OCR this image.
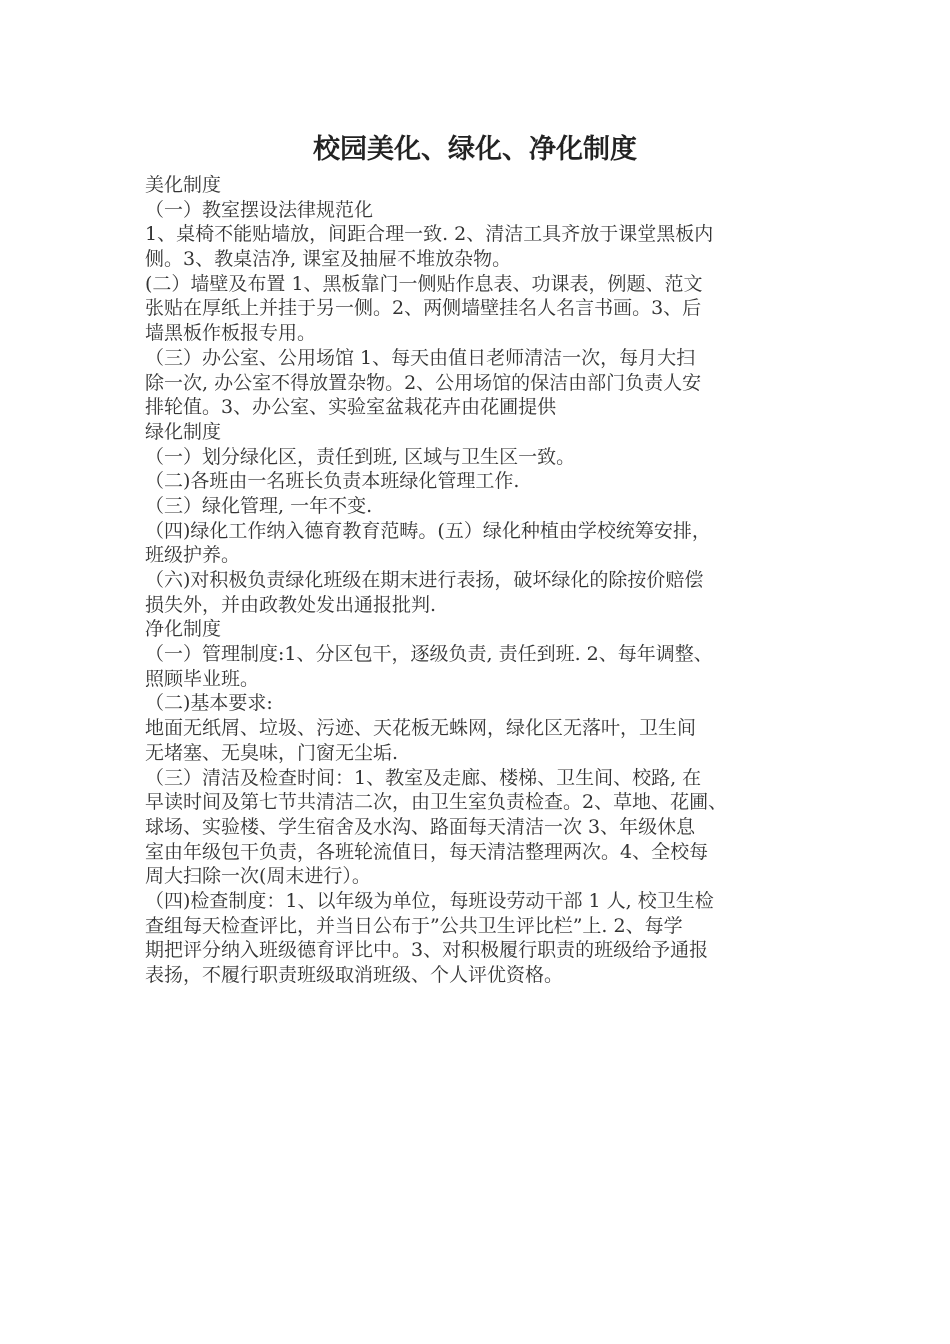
校园美化、绿化、净化制度
美化制度
（一）教室摆设法律规范化
1、桌椅不能贴墙放，间距合理一致. 2、清洁工具齐放于课堂黑板内
侧。3、教桌洁净, 课室及抽屉不堆放杂物。
(二）墙壁及布置 1、黑板靠门一侧贴作息表、功课表，例题、范文
张贴在厚纸上并挂于另一侧。2、两侧墙壁挂名人名言书画。3、后
墙黑板作板报专用。
（三）办公室、公用场馆 1、每天由值日老师清洁一次，每月大扫
除一次, 办公室不得放置杂物。2、公用场馆的保洁由部门负责人安
排轮值。3、办公室、实验室盆栽花卉由花圃提供
绿化制度
（一）划分绿化区，责任到班, 区域与卫生区一致。
（二)各班由一名班长负责本班绿化管理工作.
（三）绿化管理, 一年不变.
（四)绿化工作纳入德育教育范畴。(五）绿化种植由学校统筹安排，
班级护养。
（六)对积极负责绿化班级在期末进行表扬，破坏绿化的除按价赔偿
损失外，并由政教处发出通报批判.
净化制度
（一）管理制度:1、分区包干，逐级负责, 责任到班. 2、每年调整、
照顾毕业班。
（二)基本要求:
地面无纸屑、垃圾、污迹、天花板无蛛网，绿化区无落叶，卫生间
无堵塞、无臭味，门窗无尘垢.
（三）清洁及检查时间：1、教室及走廊、楼梯、卫生间、校路, 在
早读时间及第七节共清洁二次，由卫生室负责检查。2、草地、花圃、
球场、实验楼、学生宿舍及水沟、路面每天清洁一次 3、年级休息
室由年级包干负责，各班轮流值日，每天清洁整理两次。4、全校每
周大扫除一次(周末进行）。
（四)检查制度：1、以年级为单位，每班设劳动干部 1 人, 校卫生检
查组每天检查评比，并当日公布于”公共卫生评比栏”上. 2、每学
期把评分纳入班级德育评比中。3、对积极履行职责的班级给予通报
表扬，不履行职责班级取消班级、个人评优资格。
